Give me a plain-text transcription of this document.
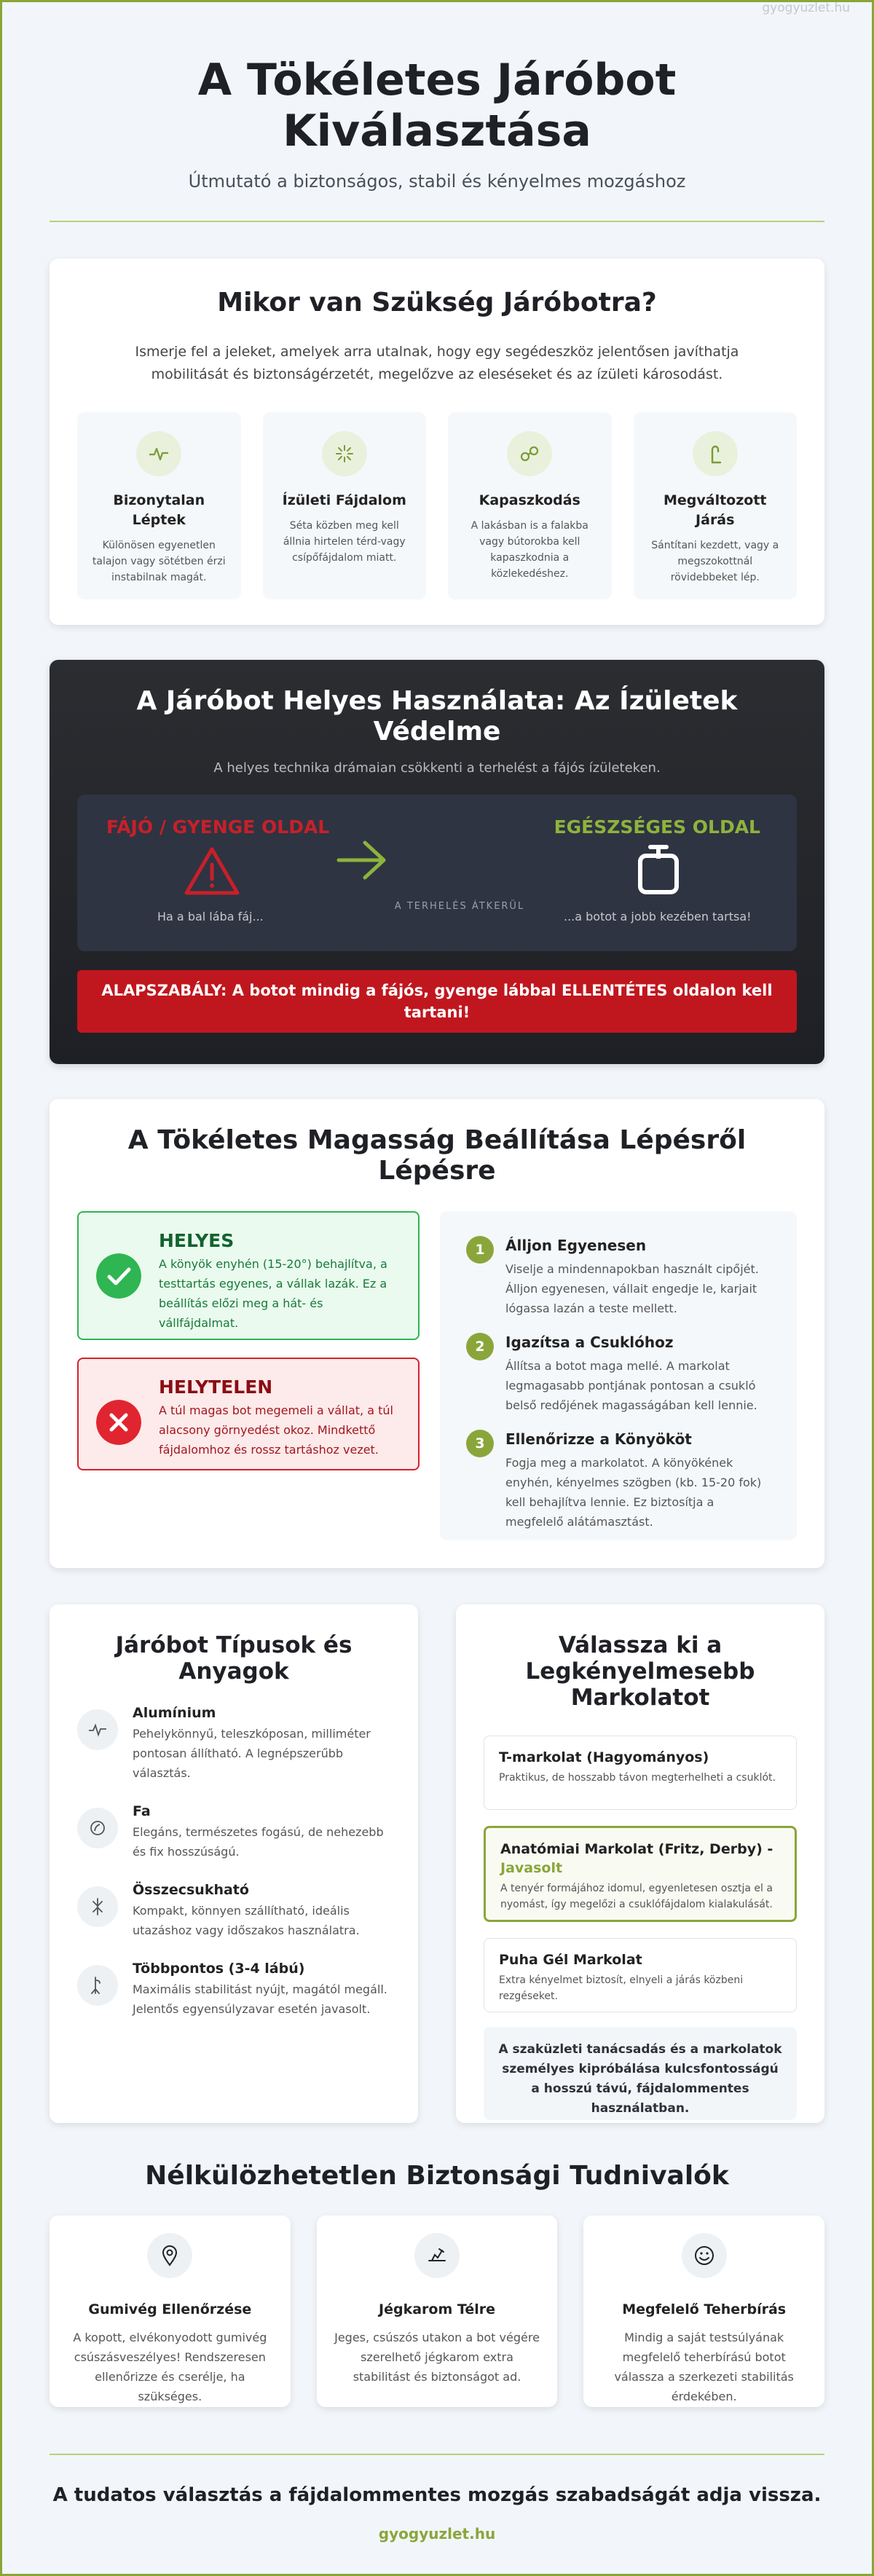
gyogyuzlet.hu
A Tökéletes Járóbot
Kiválasztása

Útmutató a biztonságos, stabil és kényelmes mozgáshoz

Mikor van Szükség Járóbotra?

Ismerje fel a jeleket, amelyek arra utalnak, hogy egy segédeszköz jelentősen javíthatja mobilitását és biztonságérzetét, megelőzve az eleséseket és az ízületi károsodást.

Bizonytalan Léptek

Különösen egyenetlen talajon vagy sötétben érzi instabilnak magát.

Ízületi Fájdalom

Séta közben meg kell állnia hirtelen térd-vagy csípőfájdalom miatt.

Kapaszkodás

A lakásban is a falakba vagy bútorokba kell kapaszkodnia a közlekedéshez.

Megváltozott Járás

Sántítani kezdett, vagy a megszokottnál rövidebbeket lép.

A Járóbot Helyes Használata: Az Ízületek Védelme

A helyes technika drámaian csökkenti a terhelést a fájós ízületeken.

FÁJÓ / GYENGE OLDAL
Ha a bal lába fáj...
A TERHELÉS ÁTKERÜL
EGÉSZSÉGES OLDAL
...a botot a jobb kezében tartsa!
ALAPSZABÁLY: A botot mindig a fájós, gyenge lábbal ELLENTÉTES oldalon kell tartani!
A Tökéletes Magasság Beállítása Lépésről Lépésre
HELYES

A könyök enyhén (15-20°) behajlítva, a testtartás egyenes, a vállak lazák. Ez a beállítás előzi meg a hát- és vállfájdalmat.

HELYTELEN

A túl magas bot megemeli a vállat, a túl alacsony görnyedést okoz. Mindkettő fájdalomhoz és rossz tartáshoz vezet.

1	Álljon Egyenesen

Viselje a mindennapokban használt cipőjét. Álljon egyenesen, vállait engedje le, karjait lógassa lazán a teste mellett.

2	Igazítsa a Csuklóhoz

Állítsa a botot maga mellé. A markolat legmagasabb pontjának pontosan a csukló belső redőjének magasságában kell lennie.

3	Ellenőrizze a Könyököt

Fogja meg a markolatot. A könyökének enyhén, kényelmes szögben (kb. 15-20 fok) kell behajlítva lennie. Ez biztosítja a megfelelő alátámasztást.

Járóbot Típusok és Anyagok
Alumínium

Pehelykönnyű, teleszkóposan, milliméter pontosan állítható. A legnépszerűbb választás.

Fa

Elegáns, természetes fogású, de nehezebb és fix hosszúságú.

Összecsukható

Kompakt, könnyen szállítható, ideális utazáshoz vagy időszakos használatra.

Többpontos (3-4 lábú)

Maximális stabilitást nyújt, magától megáll. Jelentős egyensúlyzavar esetén javasolt.

Válassza ki a Legkényelmesebb Markolatot
T-markolat (Hagyományos)

Praktikus, de hosszabb távon megterhelheti a csuklót.

Anatómiai Markolat (Fritz, Derby) - Javasolt

A tenyér formájához idomul, egyenletesen osztja el a nyomást, így megelőzi a csuklófájdalom kialakulását.

Puha Gél Markolat

Extra kényelmet biztosít, elnyeli a járás közbeni rezgéseket.

A szaküzleti tanácsadás és a markolatok személyes kipróbálása kulcsfontosságú a hosszú távú, fájdalommentes használatban.
Nélkülözhetetlen Biztonsági Tudnivalók
Gumivég Ellenőrzése

A kopott, elvékonyodott gumivég csúszásveszélyes! Rendszeresen ellenőrizze és cserélje, ha szükséges.

Jégkarom Télre

Jeges, csúszós utakon a bot végére szerelhető jégkarom extra stabilitást és biztonságot ad.

Megfelelő Teherbírás

Mindig a saját testsúlyának megfelelő teherbírású botot válassza a szerkezeti stabilitás érdekében.

A tudatos választás a fájdalommentes mozgás szabadságát adja vissza.
gyogyuzlet.hu
